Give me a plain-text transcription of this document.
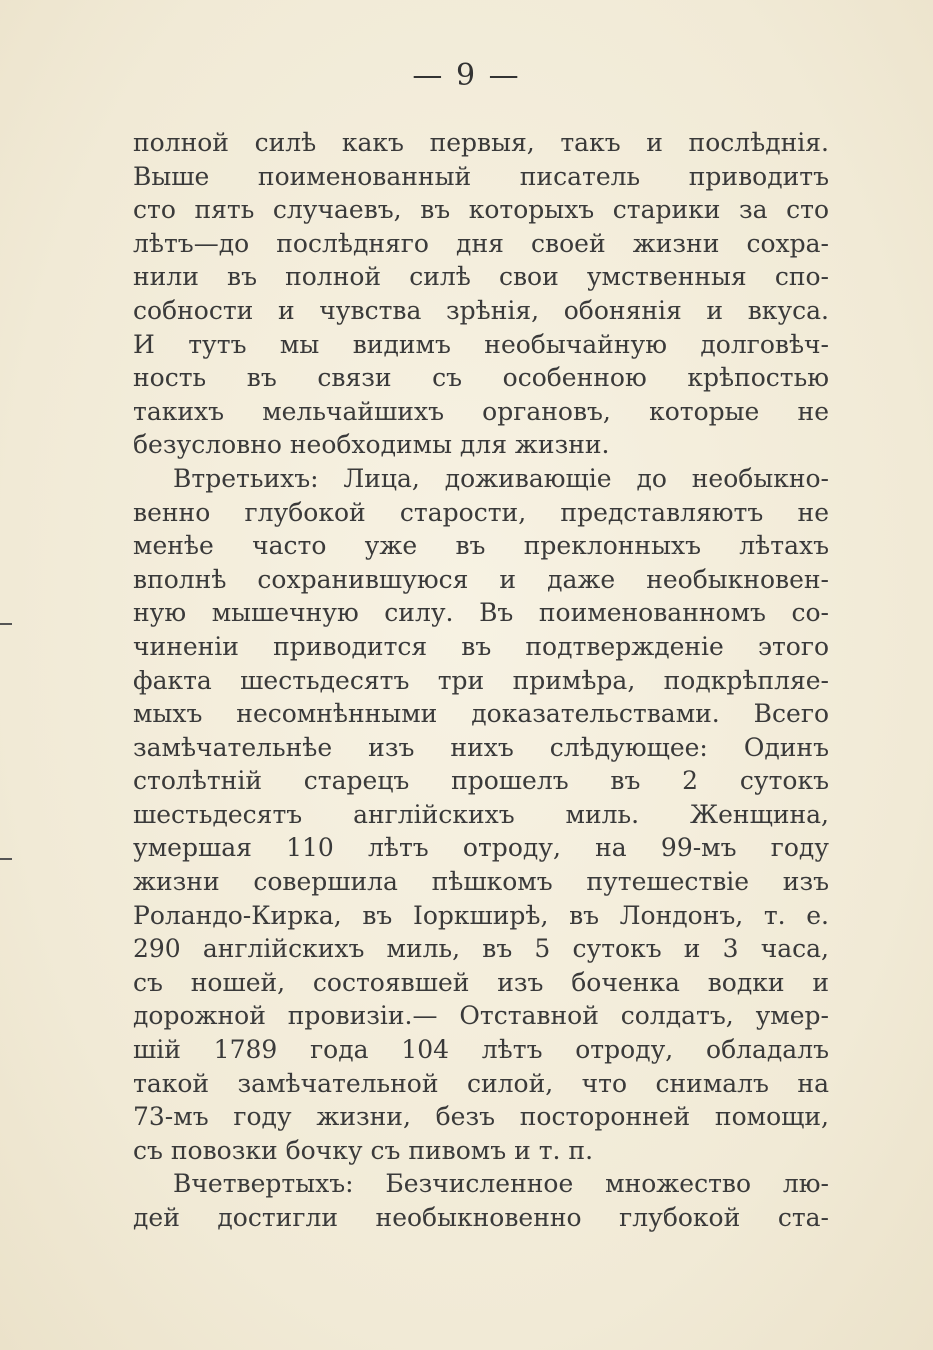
— 9 —
полной силѣ какъ первыя, такъ и послѣднія.
Выше поименованный писатель приводитъ
сто пять случаевъ, въ которыхъ старики за сто
лѣтъ—до послѣдняго дня своей жизни сохра-
нили въ полной силѣ свои умственныя спо-
собности и чувства зрѣнія, обонянія и вкуса.
И тутъ мы видимъ необычайную долговѣч-
ность въ связи съ особенною крѣпостью
такихъ мельчайшихъ органовъ, которые не
безусловно необходимы для жизни.
Втретьихъ: Лица, доживающіе до необыкно-
венно глубокой старости, представляютъ не
менѣе часто уже въ преклонныхъ лѣтахъ
вполнѣ сохранившуюся и даже необыкновен-
ную мышечную силу. Въ поименованномъ со-
чиненіи приводится въ подтвержденіе этого
факта шестьдесятъ три примѣра, подкрѣпляе-
мыхъ несомнѣнными доказательствами. Всего
замѣчательнѣе изъ нихъ слѣдующее: Одинъ
столѣтній старецъ прошелъ въ 2 сутокъ
шестьдесятъ англійскихъ миль. Женщина,
умершая 110 лѣтъ отроду, на 99-мъ году
жизни совершила пѣшкомъ путешествіе изъ
Роландо-Кирка, въ Іоркширѣ, въ Лондонъ, т. е.
290 англійскихъ миль, въ 5 сутокъ и 3 часа,
съ ношей, состоявшей изъ боченка водки и
дорожной провизіи.— Отставной солдатъ, умер-
шій 1789 года 104 лѣтъ отроду, обладалъ
такой замѣчательной силой, что снималъ на
73-мъ году жизни, безъ посторонней помощи,
съ повозки бочку съ пивомъ и т. п.
Вчетвертыхъ: Безчисленное множество лю-
дей достигли необыкновенно глубокой ста-
